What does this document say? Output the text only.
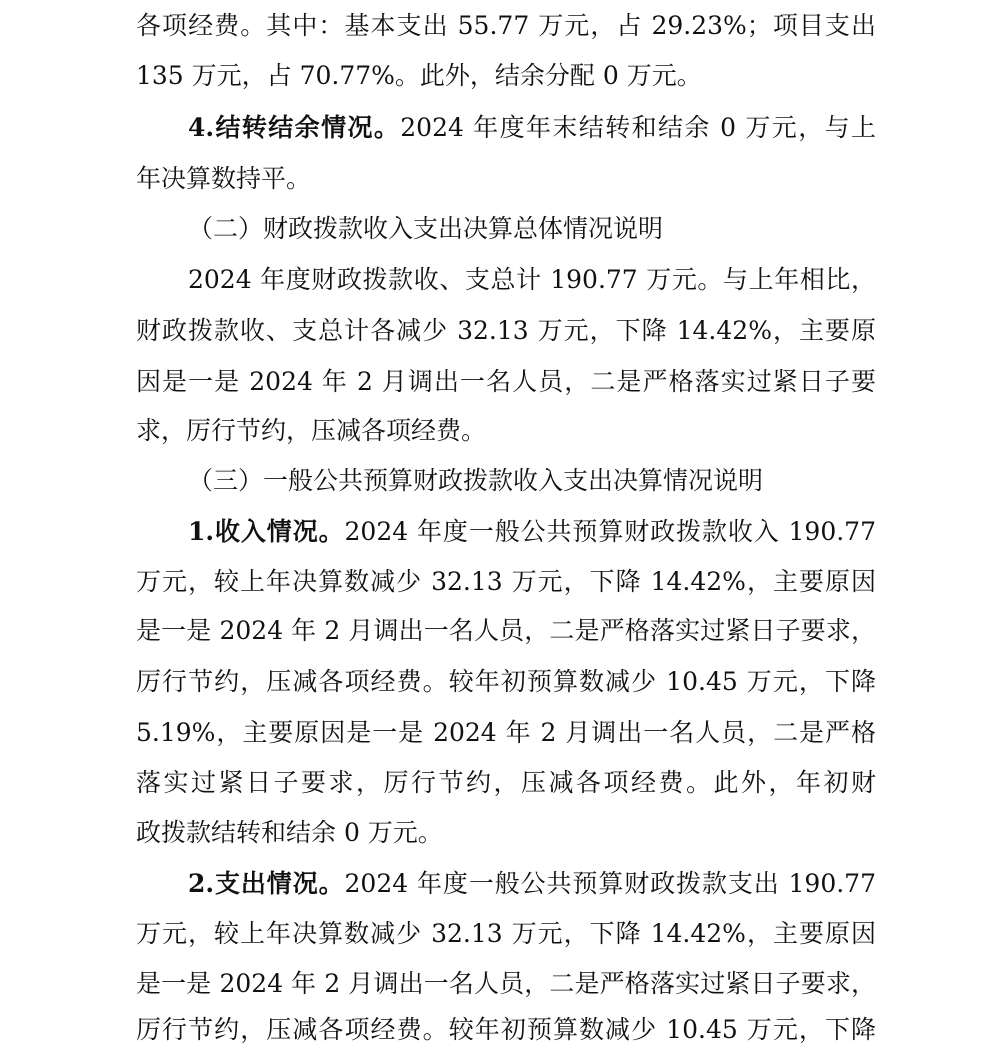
各项经费。其中：基本支出 55.77 万元，占 29.23%；项目支出
135 万元，占 70.77%。此外，结余分配 0 万元。
4.结转结余情况。2024 年度年末结转和结余 0 万元，与上
年决算数持平。
（二）财政拨款收入支出决算总体情况说明
2024 年度财政拨款收、支总计 190.77 万元。与上年相比，
财政拨款收、支总计各减少 32.13 万元，下降 14.42%，主要原
因是一是 2024 年 2 月调出一名人员，二是严格落实过紧日子要
求，厉行节约，压减各项经费。
（三）一般公共预算财政拨款收入支出决算情况说明
1.收入情况。2024 年度一般公共预算财政拨款收入 190.77
万元，较上年决算数减少 32.13 万元，下降 14.42%，主要原因
是一是 2024 年 2 月调出一名人员，二是严格落实过紧日子要求，
厉行节约，压减各项经费。较年初预算数减少 10.45 万元，下降
5.19%，主要原因是一是 2024 年 2 月调出一名人员，二是严格
落实过紧日子要求，厉行节约，压减各项经费。此外，年初财
政拨款结转和结余 0 万元。
2.支出情况。2024 年度一般公共预算财政拨款支出 190.77
万元，较上年决算数减少 32.13 万元，下降 14.42%，主要原因
是一是 2024 年 2 月调出一名人员，二是严格落实过紧日子要求，
厉行节约，压减各项经费。较年初预算数减少 10.45 万元，下降
